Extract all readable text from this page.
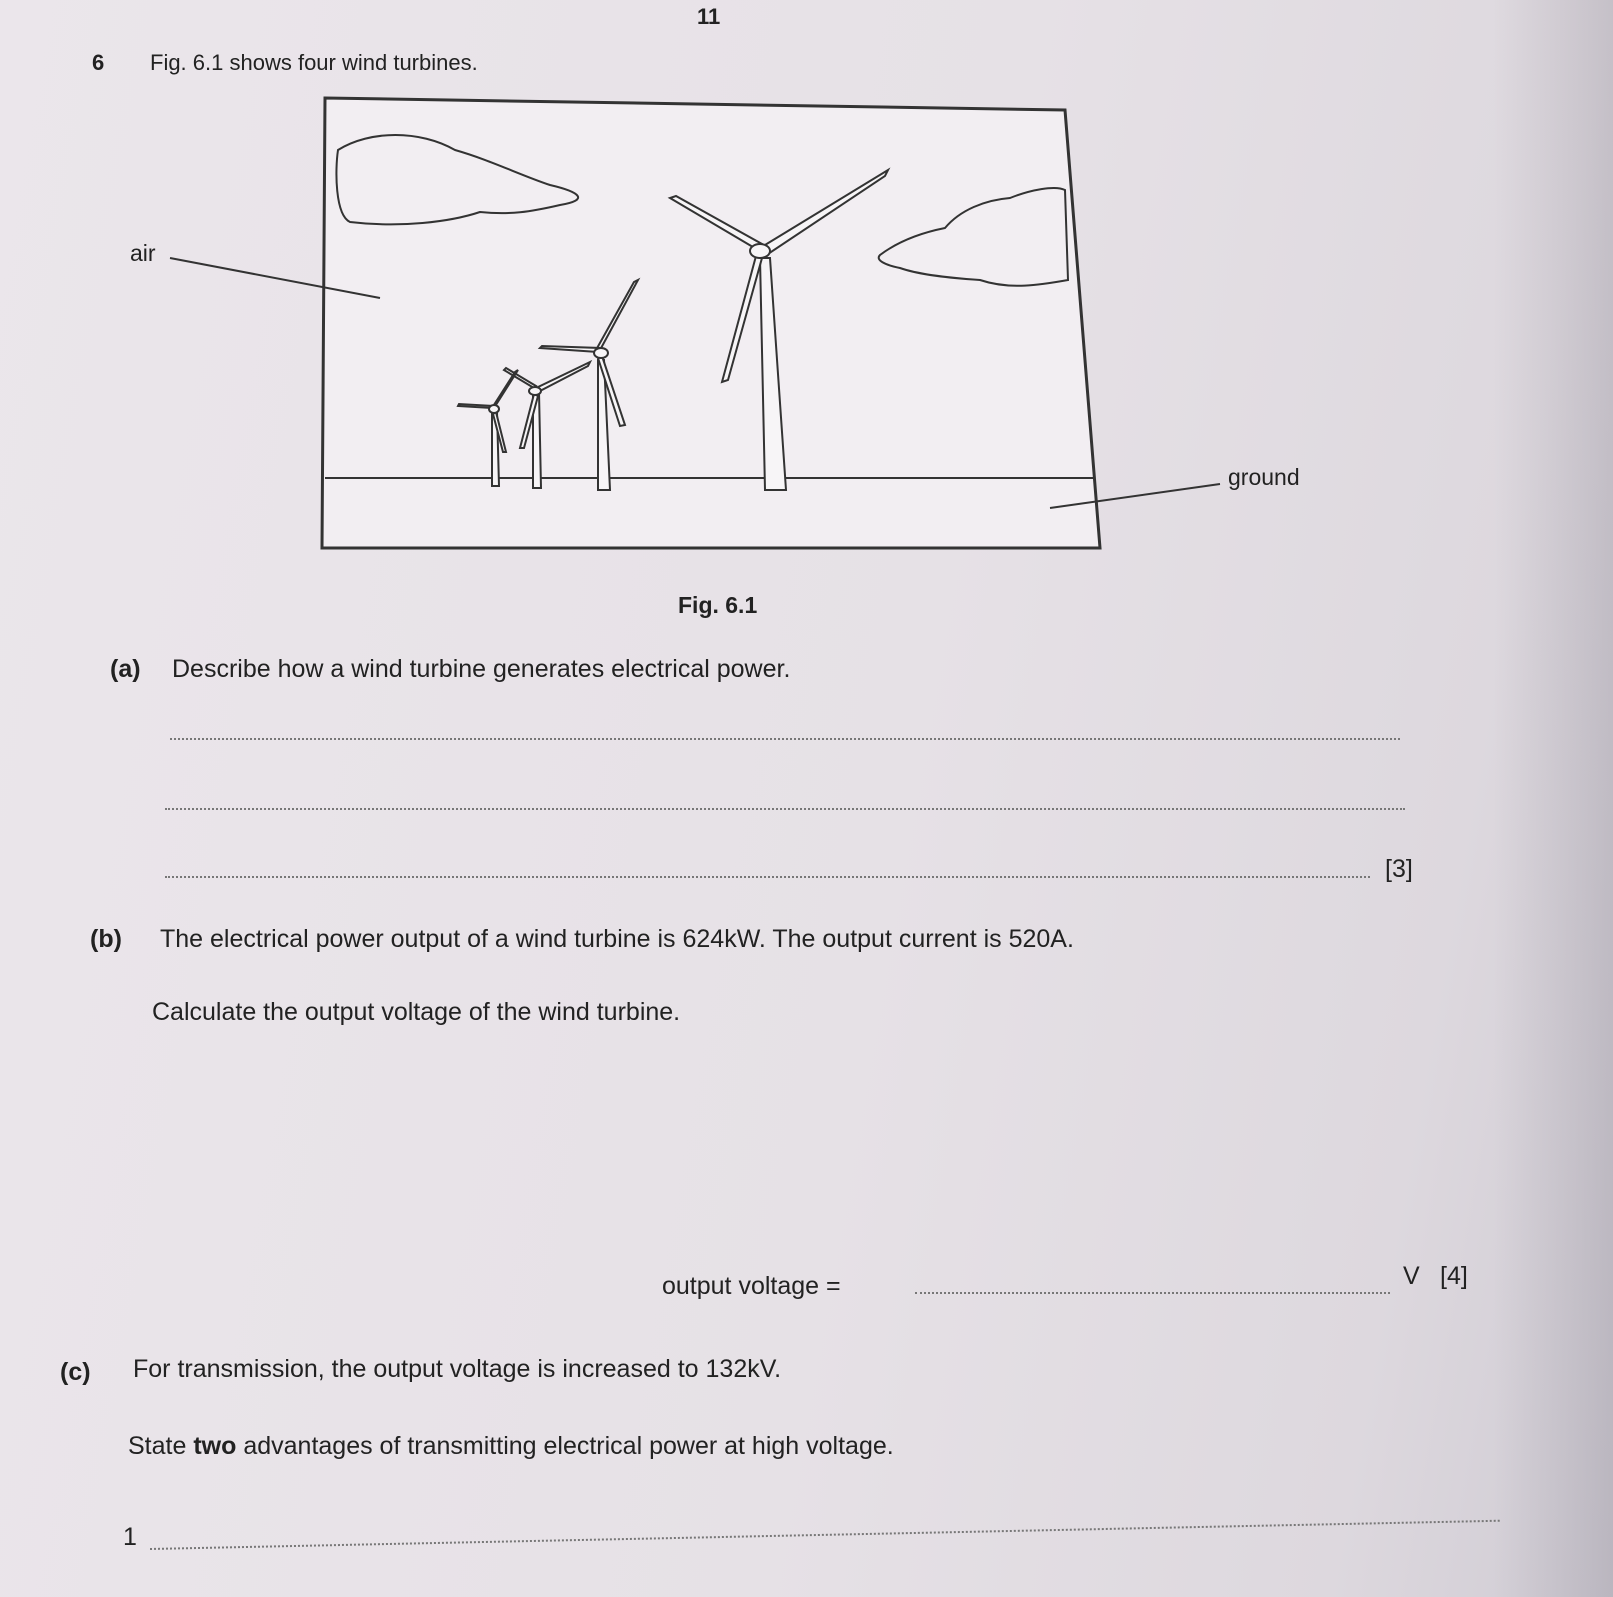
11
6 Fig. 6.1 shows four wind turbines.
air
ground
Fig. 6.1
(a) Describe how a wind turbine generates electrical power.
[3]
(b) The electrical power output of a wind turbine is 624kW. The output current is 520A.
Calculate the output voltage of the wind turbine.
output voltage =	V [4]
(c) For transmission, the output voltage is increased to 132kV.
State two advantages of transmitting electrical power at high voltage.
1
